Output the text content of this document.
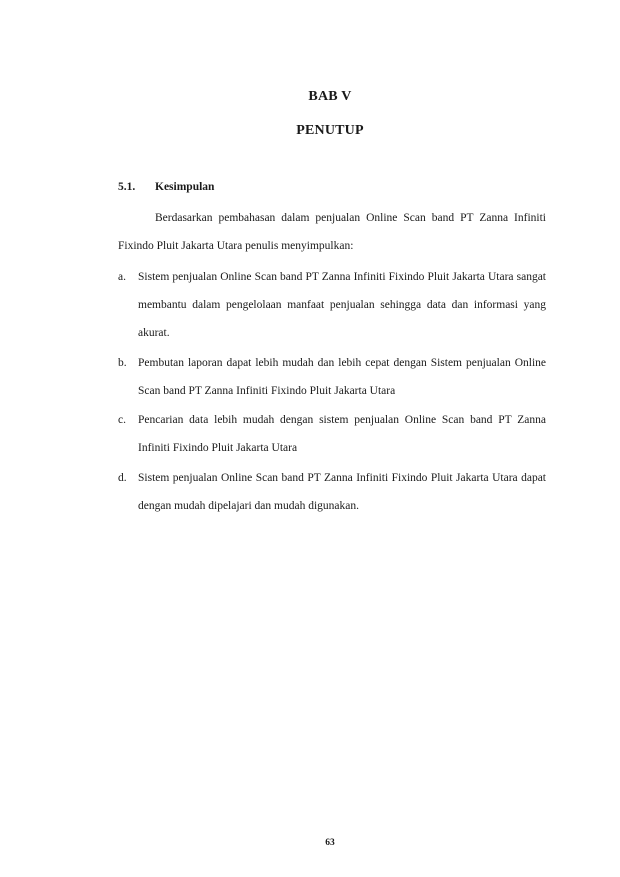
BAB V
PENUTUP
5.1. Kesimpulan
Berdasarkan pembahasan dalam penjualan Online Scan band PT Zanna Infiniti Fixindo Pluit Jakarta Utara penulis menyimpulkan:
a. Sistem penjualan Online Scan band PT Zanna Infiniti Fixindo Pluit Jakarta Utara sangat membantu dalam pengelolaan manfaat penjualan sehingga data dan informasi yang akurat.
b. Pembutan laporan dapat lebih mudah dan lebih cepat dengan Sistem penjualan Online Scan band PT Zanna Infiniti Fixindo Pluit Jakarta Utara
c. Pencarian data lebih mudah dengan sistem penjualan Online Scan band PT Zanna Infiniti Fixindo Pluit Jakarta Utara
d. Sistem penjualan Online Scan band PT Zanna Infiniti Fixindo Pluit Jakarta Utara dapat dengan mudah dipelajari dan mudah digunakan.
63
